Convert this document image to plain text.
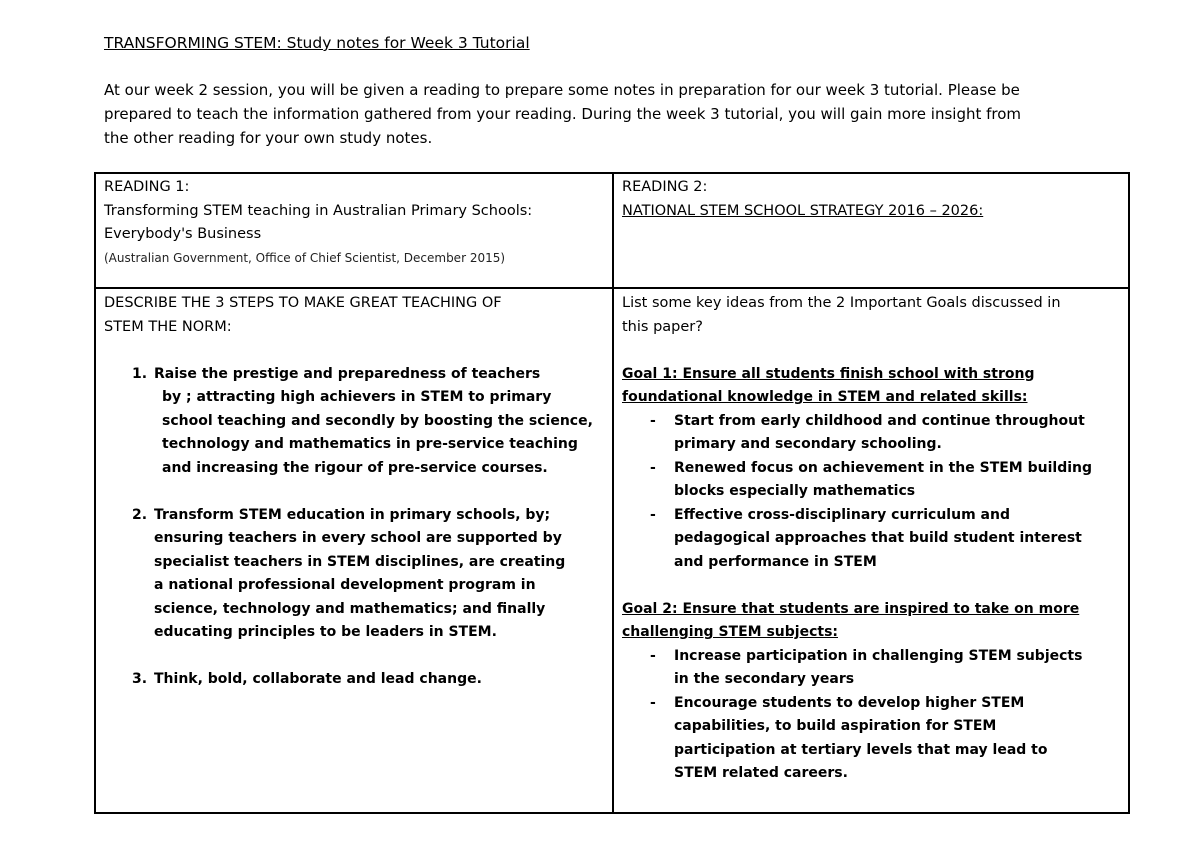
TRANSFORMING STEM: Study notes for Week 3 Tutorial
At our week 2 session, you will be given a reading to prepare some notes in preparation for our week 3 tutorial. Please be
prepared to teach the information gathered from your reading. During the week 3 tutorial, you will gain more insight from
the other reading for your own study notes.
READING 1:
Transforming STEM teaching in Australian Primary Schools:
Everybody's Business
(Australian Government, Office of Chief Scientist, December 2015)
READING 2:
NATIONAL STEM SCHOOL STRATEGY 2016 – 2026:
DESCRIBE THE 3 STEPS TO MAKE GREAT TEACHING OF
STEM THE NORM:
1. Raise the prestige and preparedness of teachers
by ; attracting high achievers in STEM to primary
school teaching and secondly by boosting the science,
technology and mathematics in pre-service teaching
and increasing the rigour of pre-service courses.
2. Transform STEM education in primary schools, by;
ensuring teachers in every school are supported by
specialist teachers in STEM disciplines, are creating
a national professional development program in
science, technology and mathematics; and finally
educating principles to be leaders in STEM.
3. Think, bold, collaborate and lead change.
List some key ideas from the 2 Important Goals discussed in
this paper?
Goal 1: Ensure all students finish school with strong
foundational knowledge in STEM and related skills:
- Start from early childhood and continue throughout
primary and secondary schooling.
- Renewed focus on achievement in the STEM building
blocks especially mathematics
- Effective cross-disciplinary curriculum and
pedagogical approaches that build student interest
and performance in STEM
Goal 2: Ensure that students are inspired to take on more
challenging STEM subjects:
- Increase participation in challenging STEM subjects
in the secondary years
- Encourage students to develop higher STEM
capabilities, to build aspiration for STEM
participation at tertiary levels that may lead to
STEM related careers.
